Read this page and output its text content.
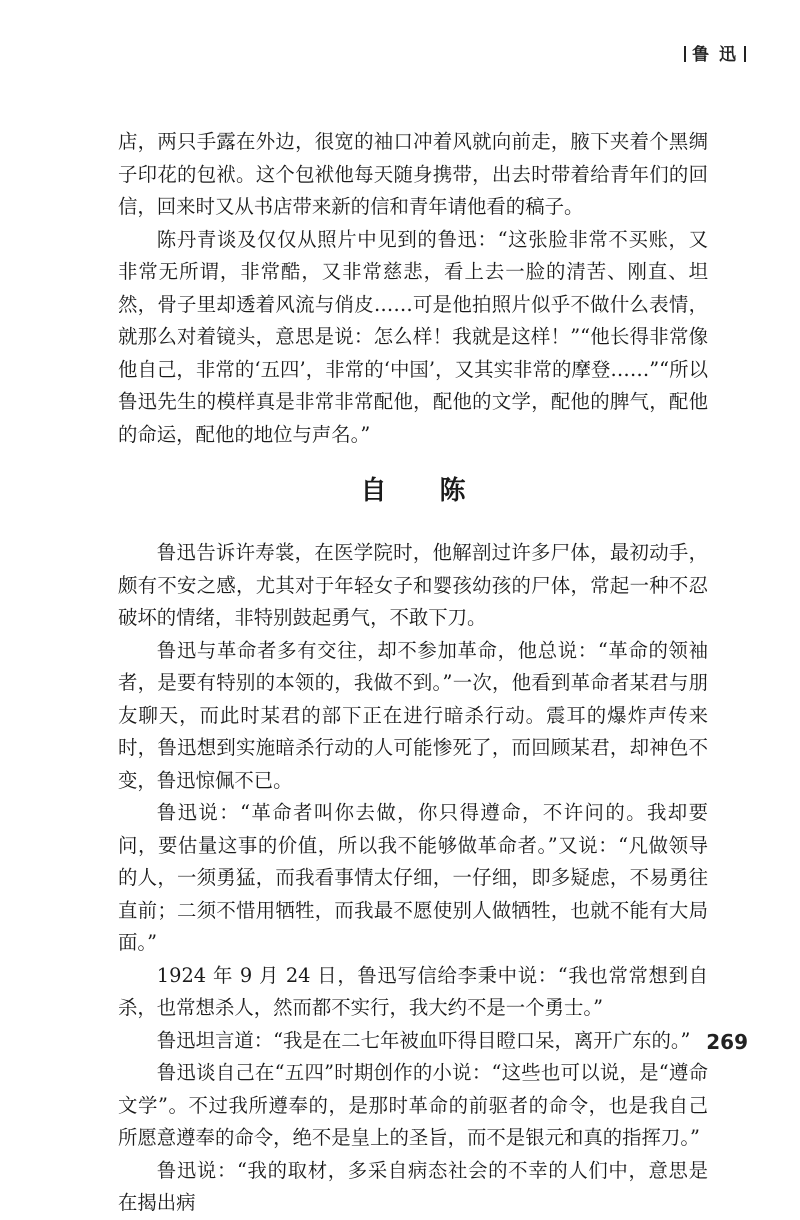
鲁 迅

店，两只手露在外边，很宽的袖口冲着风就向前走，腋下夹着个黑绸子印花的包袱。这个包袱他每天随身携带，出去时带着给青年们的回信，回来时又从书店带来新的信和青年请他看的稿子。

陈丹青谈及仅仅从照片中见到的鲁迅：“这张脸非常不买账，又非常无所谓，非常酷，又非常慈悲，看上去一脸的清苦、刚直、坦然，骨子里却透着风流与俏皮……可是他拍照片似乎不做什么表情，就那么对着镜头，意思是说：怎么样！我就是这样！”“他长得非常像他自己，非常的‘五四’，非常的‘中国’，又其实非常的摩登……”“所以鲁迅先生的模样真是非常非常配他，配他的文学，配他的脾气，配他的命运，配他的地位与声名。”

自 陈

鲁迅告诉许寿裳，在医学院时，他解剖过许多尸体，最初动手，颇有不安之感，尤其对于年轻女子和婴孩幼孩的尸体，常起一种不忍破坏的情绪，非特别鼓起勇气，不敢下刀。

鲁迅与革命者多有交往，却不参加革命，他总说：“革命的领袖者，是要有特别的本领的，我做不到。”一次，他看到革命者某君与朋友聊天，而此时某君的部下正在进行暗杀行动。震耳的爆炸声传来时，鲁迅想到实施暗杀行动的人可能惨死了，而回顾某君，却神色不变，鲁迅惊佩不已。

鲁迅说：“革命者叫你去做，你只得遵命，不许问的。我却要问，要估量这事的价值，所以我不能够做革命者。”又说：“凡做领导的人，一须勇猛，而我看事情太仔细，一仔细，即多疑虑，不易勇往直前；二须不惜用牺牲，而我最不愿使别人做牺牲，也就不能有大局面。”

1924 年 9 月 24 日，鲁迅写信给李秉中说：“我也常常想到自杀，也常想杀人，然而都不实行，我大约不是一个勇士。”

鲁迅坦言道：“我是在二七年被血吓得目瞪口呆，离开广东的。”

鲁迅谈自己在“五四”时期创作的小说：“这些也可以说，是“遵命文学”。不过我所遵奉的，是那时革命的前驱者的命令，也是我自己所愿意遵奉的命令，绝不是皇上的圣旨，而不是银元和真的指挥刀。”

鲁迅说：“我的取材，多采自病态社会的不幸的人们中，意思是在揭出病

269
